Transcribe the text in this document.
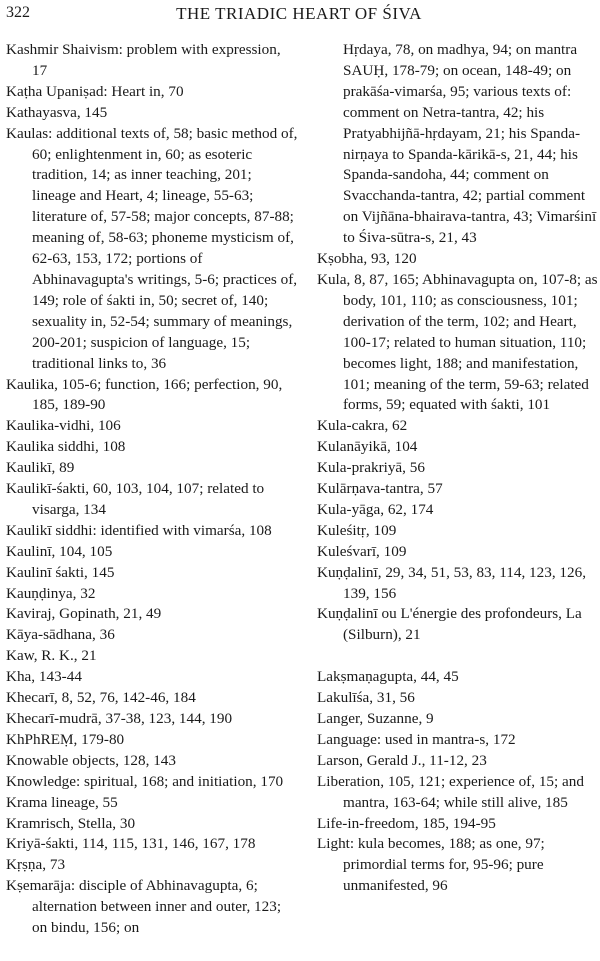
322	THE TRIADIC HEART OF ŚIVA
Kashmir Shaivism: problem with expression, 17
Kaṭha Upaniṣad: Heart in, 70
Kathayasva, 145
Kaulas: additional texts of, 58; basic method of, 60; enlightenment in, 60; as esoteric tradition, 14; as inner teaching, 201; lineage and Heart, 4; lineage, 55-63; literature of, 57-58; major concepts, 87-88; meaning of, 58-63; phoneme mysticism of, 62-63, 153, 172; portions of Abhinavagupta's writings, 5-6; practices of, 149; role of śakti in, 50; secret of, 140; sexuality in, 52-54; summary of meanings, 200-201; suspicion of language, 15; traditional links to, 36
Kaulika, 105-6; function, 166; perfection, 90, 185, 189-90
Kaulika-vidhi, 106
Kaulika siddhi, 108
Kaulikī, 89
Kaulikī-śakti, 60, 103, 104, 107; related to visarga, 134
Kaulikī siddhi: identified with vimarśa, 108
Kaulinī, 104, 105
Kaulinī śakti, 145
Kauṇḍinya, 32
Kaviraj, Gopinath, 21, 49
Kāya-sādhana, 36
Kaw, R. K., 21
Kha, 143-44
Khecarī, 8, 52, 76, 142-46, 184
Khecarī-mudrā, 37-38, 123, 144, 190
KhPhREṂ, 179-80
Knowable objects, 128, 143
Knowledge: spiritual, 168; and initiation, 170
Krama lineage, 55
Kramrisch, Stella, 30
Kriyā-śakti, 114, 115, 131, 146, 167, 178
Kṛṣṇa, 73
Kṣemarāja: disciple of Abhinavagupta, 6; alternation between inner and outer, 123; on bindu, 156; on
Hṛdaya, 78, on madhya, 94; on mantra SAUḤ, 178-79; on ocean, 148-49; on prakāśa-vimarśa, 95; various texts of: comment on Netra-tantra, 42; his Pratyabhijñā-hṛdayam, 21; his Spanda-nirṇaya to Spanda-kārikā-s, 21, 44; his Spanda-sandoha, 44; comment on Svacchanda-tantra, 42; partial comment on Vijñāna-bhairava-tantra, 43; Vimarśinī to Śiva-sūtra-s, 21, 43
Kṣobha, 93, 120
Kula, 8, 87, 165; Abhinavagupta on, 107-8; as body, 101, 110; as consciousness, 101; derivation of the term, 102; and Heart, 100-17; related to human situation, 110; becomes light, 188; and manifestation, 101; meaning of the term, 59-63; related forms, 59; equated with śakti, 101
Kula-cakra, 62
Kulanāyikā, 104
Kula-prakriyā, 56
Kulārṇava-tantra, 57
Kula-yāga, 62, 174
Kuleśitṛ, 109
Kuleśvarī, 109
Kuṇḍalinī, 29, 34, 51, 53, 83, 114, 123, 126, 139, 156
Kuṇḍalinī ou L'énergie des profondeurs, La (Silburn), 21
Lakṣmaṇagupta, 44, 45
Lakulīśa, 31, 56
Langer, Suzanne, 9
Language: used in mantra-s, 172
Larson, Gerald J., 11-12, 23
Liberation, 105, 121; experience of, 15; and mantra, 163-64; while still alive, 185
Life-in-freedom, 185, 194-95
Light: kula becomes, 188; as one, 97; primordial terms for, 95-96; pure unmanifested, 96
